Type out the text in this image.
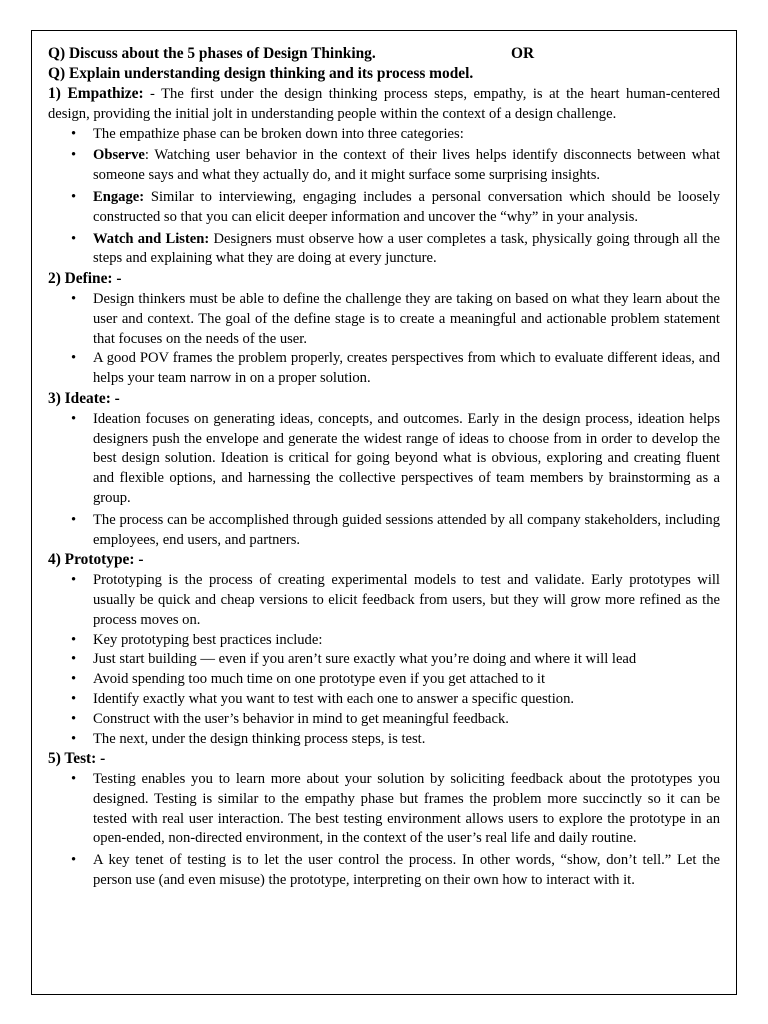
Q) Discuss about the 5 phases of Design Thinking.	OR

Q) Explain understanding design thinking and its process model.

1) Empathize: - The first under the design thinking process steps, empathy, is at the heart human-centered design, providing the initial jolt in understanding people within the context of a design challenge.

• The empathize phase can be broken down into three categories:
• Observe: Watching user behavior in the context of their lives helps identify disconnects between what someone says and what they actually do, and it might surface some surprising insights.
• Engage: Similar to interviewing, engaging includes a personal conversation which should be loosely constructed so that you can elicit deeper information and uncover the “why” in your analysis.
• Watch and Listen: Designers must observe how a user completes a task, physically going through all the steps and explaining what they are doing at every juncture.

2) Define: -

• Design thinkers must be able to define the challenge they are taking on based on what they learn about the user and context. The goal of the define stage is to create a meaningful and actionable problem statement that focuses on the needs of the user.
• A good POV frames the problem properly, creates perspectives from which to evaluate different ideas, and helps your team narrow in on a proper solution.

3) Ideate: -

• Ideation focuses on generating ideas, concepts, and outcomes. Early in the design process, ideation helps designers push the envelope and generate the widest range of ideas to choose from in order to develop the best design solution. Ideation is critical for going beyond what is obvious, exploring and creating fluent and flexible options, and harnessing the collective perspectives of team members by brainstorming as a group.
• The process can be accomplished through guided sessions attended by all company stakeholders, including employees, end users, and partners.

4) Prototype: -

• Prototyping is the process of creating experimental models to test and validate. Early prototypes will usually be quick and cheap versions to elicit feedback from users, but they will grow more refined as the process moves on.
• Key prototyping best practices include:
• Just start building — even if you aren’t sure exactly what you’re doing and where it will lead
• Avoid spending too much time on one prototype even if you get attached to it
• Identify exactly what you want to test with each one to answer a specific question.
• Construct with the user’s behavior in mind to get meaningful feedback.
• The next, under the design thinking process steps, is test.

5) Test: -

• Testing enables you to learn more about your solution by soliciting feedback about the prototypes you designed. Testing is similar to the empathy phase but frames the problem more succinctly so it can be tested with real user interaction. The best testing environment allows users to explore the prototype in an open-ended, non-directed environment, in the context of the user’s real life and daily routine.
• A key tenet of testing is to let the user control the process. In other words, “show, don’t tell.” Let the person use (and even misuse) the prototype, interpreting on their own how to interact with it.
